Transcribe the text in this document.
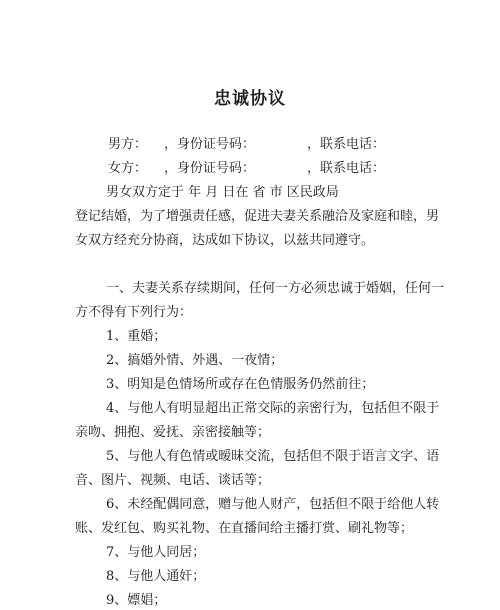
忠诚协议
男方： ，身份证号码：	，联系电话：
女方： ，身份证号码：	，联系电话：
男女双方定于 年 月 日在 省 市 区民政局
登记结婚，为了增强责任感，促进夫妻关系融洽及家庭和睦，男
女双方经充分协商，达成如下协议，以兹共同遵守。
一、夫妻关系存续期间，任何一方必须忠诚于婚姻，任何一
方不得有下列行为：
1、重婚；
2、搞婚外情、外遇、一夜情；
3、明知是色情场所或存在色情服务仍然前往；
4、与他人有明显超出正常交际的亲密行为，包括但不限于
亲吻、拥抱、爱抚、亲密接触等；
5、与他人有色情或暧昧交流，包括但不限于语言文字、语
音、图片、视频、电话、谈话等；
6、未经配偶同意，赠与他人财产，包括但不限于给他人转
账、发红包、购买礼物、在直播间给主播打赏、刷礼物等；
7、与他人同居；
8、与他人通奸；
9、嫖娼；
